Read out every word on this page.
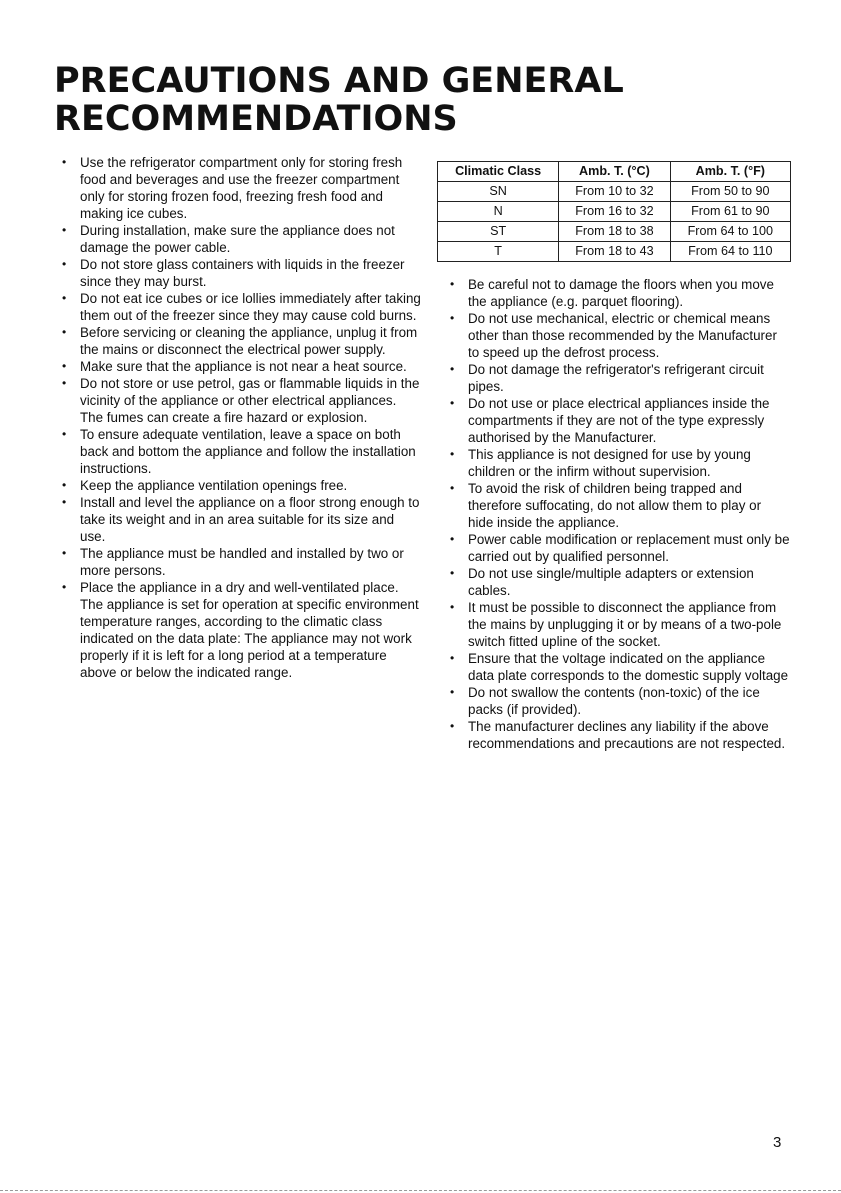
PRECAUTIONS AND GENERAL
RECOMMENDATIONS
• Use the refrigerator compartment only for storing fresh food and beverages and use the freezer compartment only for storing frozen food, freezing fresh food and making ice cubes.
• During installation, make sure the appliance does not damage the power cable.
• Do not store glass containers with liquids in the freezer since they may burst.
• Do not eat ice cubes or ice lollies immediately after taking them out of the freezer since they may cause cold burns.
• Before servicing or cleaning the appliance, unplug it from the mains or disconnect the electrical power supply.
• Make sure that the appliance is not near a heat source.
• Do not store or use petrol, gas or flammable liquids in the vicinity of the appliance or other electrical appliances. The fumes can create a fire hazard or explosion.
• To ensure adequate ventilation, leave a space on both back and bottom the appliance and follow the installation instructions.
• Keep the appliance ventilation openings free.
• Install and level the appliance on a floor strong enough to take its weight and in an area suitable for its size and use.
• The appliance must be handled and installed by two or more persons.
• Place the appliance in a dry and well-ventilated place. The appliance is set for operation at specific environment temperature ranges, according to the climatic class indicated on the data plate: The appliance may not work properly if it is left for a long period at a temperature above or below the indicated range.
Climatic Class	Amb. T. (°C)	Amb. T. (°F)
SN	From 10 to 32	From 50 to 90
N	From 16 to 32	From 61 to 90
ST	From 18 to 38	From 64 to 100
T	From 18 to 43	From 64 to 110
• Be careful not to damage the floors when you move the appliance (e.g. parquet flooring).
• Do not use mechanical, electric or chemical means other than those recommended by the Manufacturer to speed up the defrost process.
• Do not damage the refrigerator's refrigerant circuit pipes.
• Do not use or place electrical appliances inside the compartments if they are not of the type expressly authorised by the Manufacturer.
• This appliance is not designed for use by young children or the infirm without supervision.
• To avoid the risk of children being trapped and therefore suffocating, do not allow them to play or hide inside the appliance.
• Power cable modification or replacement must only be carried out by qualified personnel.
• Do not use single/multiple adapters or extension cables.
• It must be possible to disconnect the appliance from the mains by unplugging it or by means of a two-pole switch fitted upline of the socket.
• Ensure that the voltage indicated on the appliance data plate corresponds to the domestic supply voltage
• Do not swallow the contents (non-toxic) of the ice packs (if provided).
• The manufacturer declines any liability if the above recommendations and precautions are not respected.
3
